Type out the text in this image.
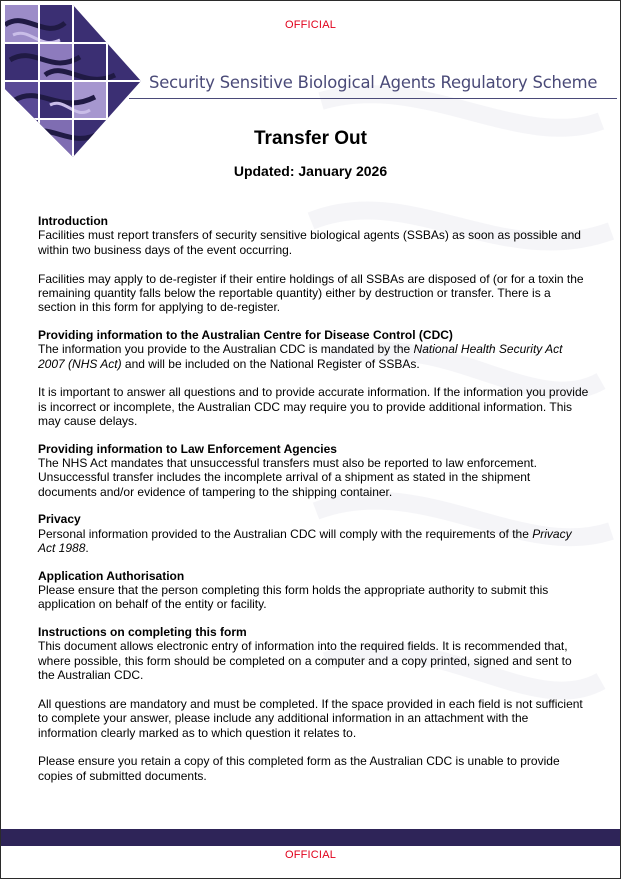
OFFICIAL
Security Sensitive Biological Agents Regulatory Scheme
Transfer Out
Updated: January 2026
Introduction

Facilities must report transfers of security sensitive biological agents (SSBAs) as soon as possible and within two business days of the event occurring.

Facilities may apply to de-register if their entire holdings of all SSBAs are disposed of (or for a toxin the remaining quantity falls below the reportable quantity) either by destruction or transfer. There is a section in this form for applying to de-register.

Providing information to the Australian Centre for Disease Control (CDC)

The information you provide to the Australian CDC is mandated by the National Health Security Act 2007 (NHS Act) and will be included on the National Register of SSBAs.

It is important to answer all questions and to provide accurate information. If the information you provide is incorrect or incomplete, the Australian CDC may require you to provide additional information. This may cause delays.

Providing information to Law Enforcement Agencies

The NHS Act mandates that unsuccessful transfers must also be reported to law enforcement. Unsuccessful transfer includes the incomplete arrival of a shipment as stated in the shipment documents and/or evidence of tampering to the shipping container.

Privacy

Personal information provided to the Australian CDC will comply with the requirements of the Privacy Act 1988.

Application Authorisation

Please ensure that the person completing this form holds the appropriate authority to submit this application on behalf of the entity or facility.

Instructions on completing this form

This document allows electronic entry of information into the required fields. It is recommended that, where possible, this form should be completed on a computer and a copy printed, signed and sent to the Australian CDC.

All questions are mandatory and must be completed. If the space provided in each field is not sufficient to complete your answer, please include any additional information in an attachment with the information clearly marked as to which question it relates to.

Please ensure you retain a copy of this completed form as the Australian CDC is unable to provide copies of submitted documents.

OFFICIAL
